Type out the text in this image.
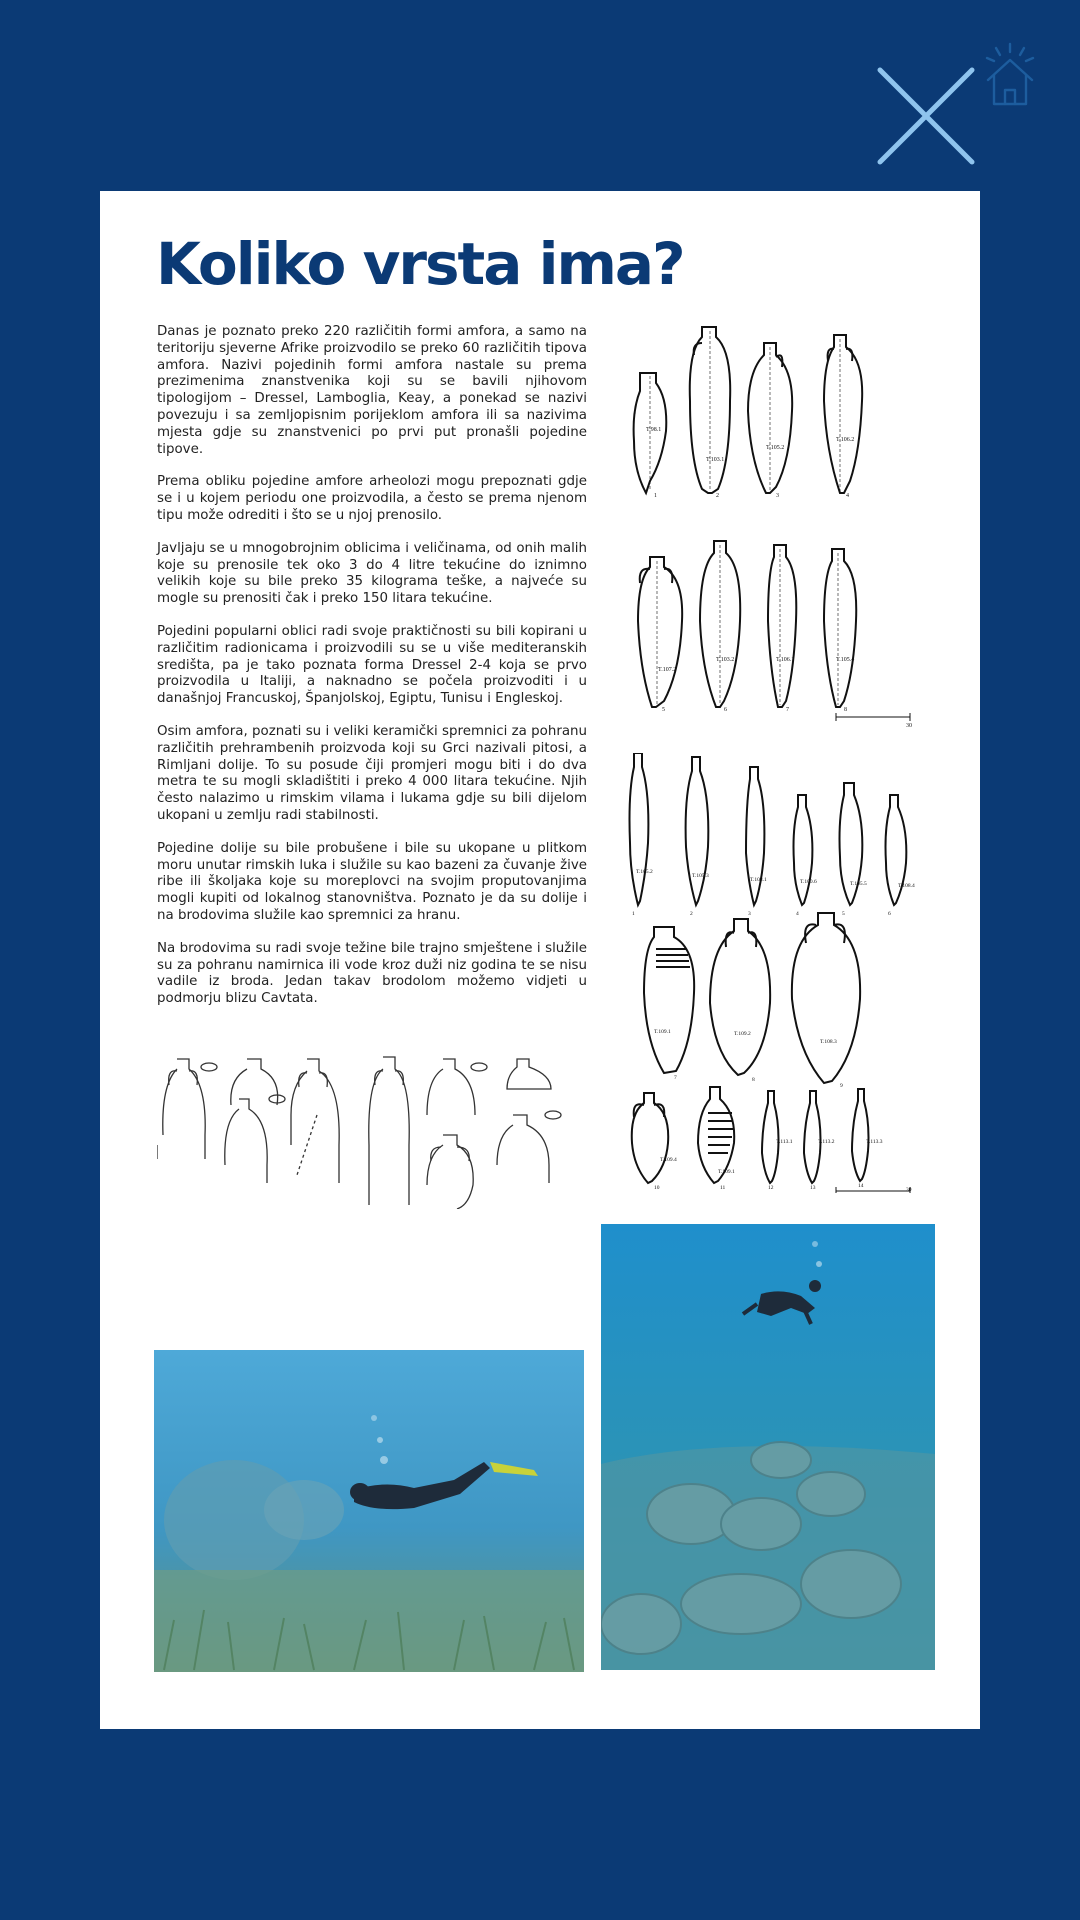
Koliko vrsta ima?

Danas je poznato preko 220 različitih formi amfora, a samo na teritoriju sjeverne Afrike proizvodilo se preko 60 različitih tipova amfora. Nazivi pojedinih formi amfora nastale su prema prezimenima znanstvenika koji su se bavili njihovom tipologijom – Dressel, Lamboglia, Keay, a ponekad se nazivi povezuju i sa zemljopisnim porijeklom amfora ili sa nazivima mjesta gdje su znanstvenici po prvi put pronašli pojedine tipove.

Prema obliku pojedine amfore arheolozi mogu prepoznati gdje se i u kojem periodu one proizvodila, a često se prema njenom tipu može odrediti i što se u njoj prenosilo.

Javljaju se u mnogobrojnim oblicima i veličinama, od onih malih koje su prenosile tek oko 3 do 4 litre tekućine do iznimno velikih koje su bile preko 35 kilograma teške, a najveće su mogle su prenositi čak i preko 150 litara tekućine.

Pojedini popularni oblici radi svoje praktičnosti su bili kopirani u različitim radionicama i proizvodili su se u više mediteranskih središta, pa je tako poznata forma Dressel 2-4 koja se prvo proizvodila u Italiji, a naknadno se počela proizvoditi i u današnjoj Francuskoj, Španjolskoj, Egiptu, Tunisu i Engleskoj.

Osim amfora, poznati su i veliki keramički spremnici za pohranu različitih prehrambenih proizvoda koji su Grci nazivali pitosi, a Rimljani dolije. To su posude čiji promjeri mogu biti i do dva metra te su mogli skladištiti i preko 4 000 litara tekućine. Njih često nalazimo u rimskim vilama i lukama gdje su bili dijelom ukopani u zemlju radi stabilnosti.

Pojedine dolije su bile probušene i bile su ukopane u plitkom moru unutar rimskih luka i služile su kao bazeni za čuvanje žive ribe ili školjaka koje su moreplovci na svojim proputovanjima mogli kupiti od lokalnog stanovništva. Poznato je da su dolije i na brodovima služile kao spremnici za hranu.

Na brodovima su radi svoje težine bile trajno smještene i služile su za pohranu namirnica ili vode kroz duži niz godina te se nisu vadile iz broda. Jedan takav brodolom možemo vidjeti u podmorju blizu Cavtata.

T.98.1
T.103.1
T.105.2
T.106.2
1	2	3	4
T.107.2
T.103.2	T.106.1	T.105.4
5	6	7	8
30
T.105.2
T.105.3
T.108.1	T.100.6	T.105.5	T.108.4
1	2	3	4	5	6
T.109.1	T.109.2
T.108.3
7	8
9
T.109.4
T.109.1
T.113.1	T.113.2	T.113.3
10	11	12	13	14
30
